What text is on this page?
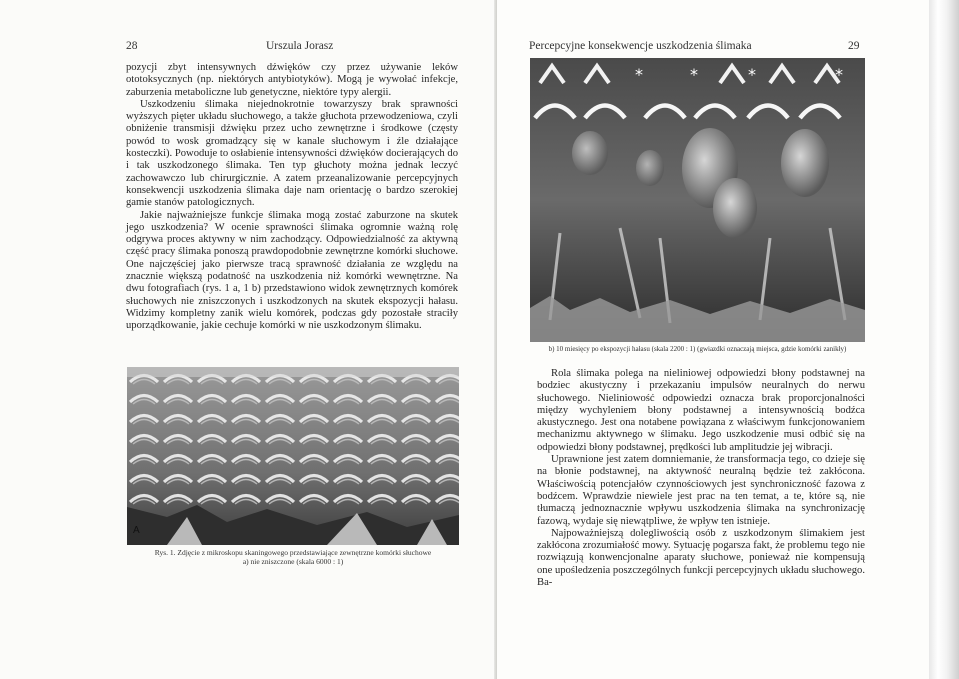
28	Urszula Jorasz

pozycji zbyt intensywnych dźwięków czy przez używanie leków ototoksycznych (np. niektórych antybiotyków). Mogą je wywołać infekcje, zaburzenia metaboliczne lub genetyczne, niektóre typy alergii.

Uszkodzeniu ślimaka niejednokrotnie towarzyszy brak sprawności wyższych pięter układu słuchowego, a także głuchota przewodzeniowa, czyli obniżenie transmisji dźwięku przez ucho zewnętrzne i środkowe (częsty powód to wosk gromadzący się w kanale słuchowym i źle działające kosteczki). Powoduje to osłabienie intensywności dźwięków docierających do i tak uszkodzonego ślimaka. Ten typ głuchoty można jednak leczyć zachowawczo lub chirurgicznie. A zatem przeanalizowanie percepcyjnych konsekwencji uszkodzenia ślimaka daje nam orientację o bardzo szerokiej gamie stanów patologicznych.

Jakie najważniejsze funkcje ślimaka mogą zostać zaburzone na skutek jego uszkodzenia? W ocenie sprawności ślimaka ogromnie ważną rolę odgrywa proces aktywny w nim zachodzący. Odpowiedzialność za aktywną część pracy ślimaka ponoszą prawdopodobnie zewnętrzne komórki słuchowe. One najczęściej jako pierwsze tracą sprawność działania ze względu na znacznie większą podatność na uszkodzenia niż komórki wewnętrzne. Na dwu fotografiach (rys. 1 a, 1 b) przedstawiono widok zewnętrznych komórek słuchowych nie zniszczonych i uszkodzonych na skutek ekspozycji hałasu. Widzimy kompletny zanik wielu komórek, podczas gdy pozostałe straciły uporządkowanie, jakie cechuje komórki w nie uszkodzonym ślimaku.

A
Rys. 1. Zdjęcie z mikroskopu skaningowego przedstawiające zewnętrzne komórki słuchowe
a) nie zniszczone (skala 6000 : 1)
Percepcyjne konsekwencje uszkodzenia ślimaka	29
*	*	*	*
b) 10 miesięcy po ekspozycji hałasu (skala 2200 : 1) (gwiazdki oznaczają miejsca, gdzie komórki zanikły)

Rola ślimaka polega na nieliniowej odpowiedzi błony podstawnej na bodziec akustyczny i przekazaniu impulsów neuralnych do nerwu słuchowego. Nieliniowość odpowiedzi oznacza brak proporcjonalności między wychyleniem błony podstawnej a intensywnością bodźca akustycznego. Jest ona notabene powiązana z właściwym funkcjonowaniem mechanizmu aktywnego w ślimaku. Jego uszkodzenie musi odbić się na odpowiedzi błony podstawnej, prędkości lub amplitudzie jej wibracji.

Uprawnione jest zatem domniemanie, że transformacja tego, co dzieje się na błonie podstawnej, na aktywność neuralną będzie też zakłócona. Właściwością potencjałów czynnościowych jest synchroniczność fazowa z bodźcem. Wprawdzie niewiele jest prac na ten temat, a te, które są, nie tłumaczą jednoznacznie wpływu uszkodzenia ślimaka na synchronizację fazową, wydaje się niewątpliwe, że wpływ ten istnieje.

Najpoważniejszą dolegliwością osób z uszkodzonym ślimakiem jest zakłócona zrozumiałość mowy. Sytuację pogarsza fakt, że problemu tego nie rozwiązują konwencjonalne aparaty słuchowe, ponieważ nie kompensują one upośledzenia poszczególnych funkcji percepcyjnych układu słuchowego. Ba-
